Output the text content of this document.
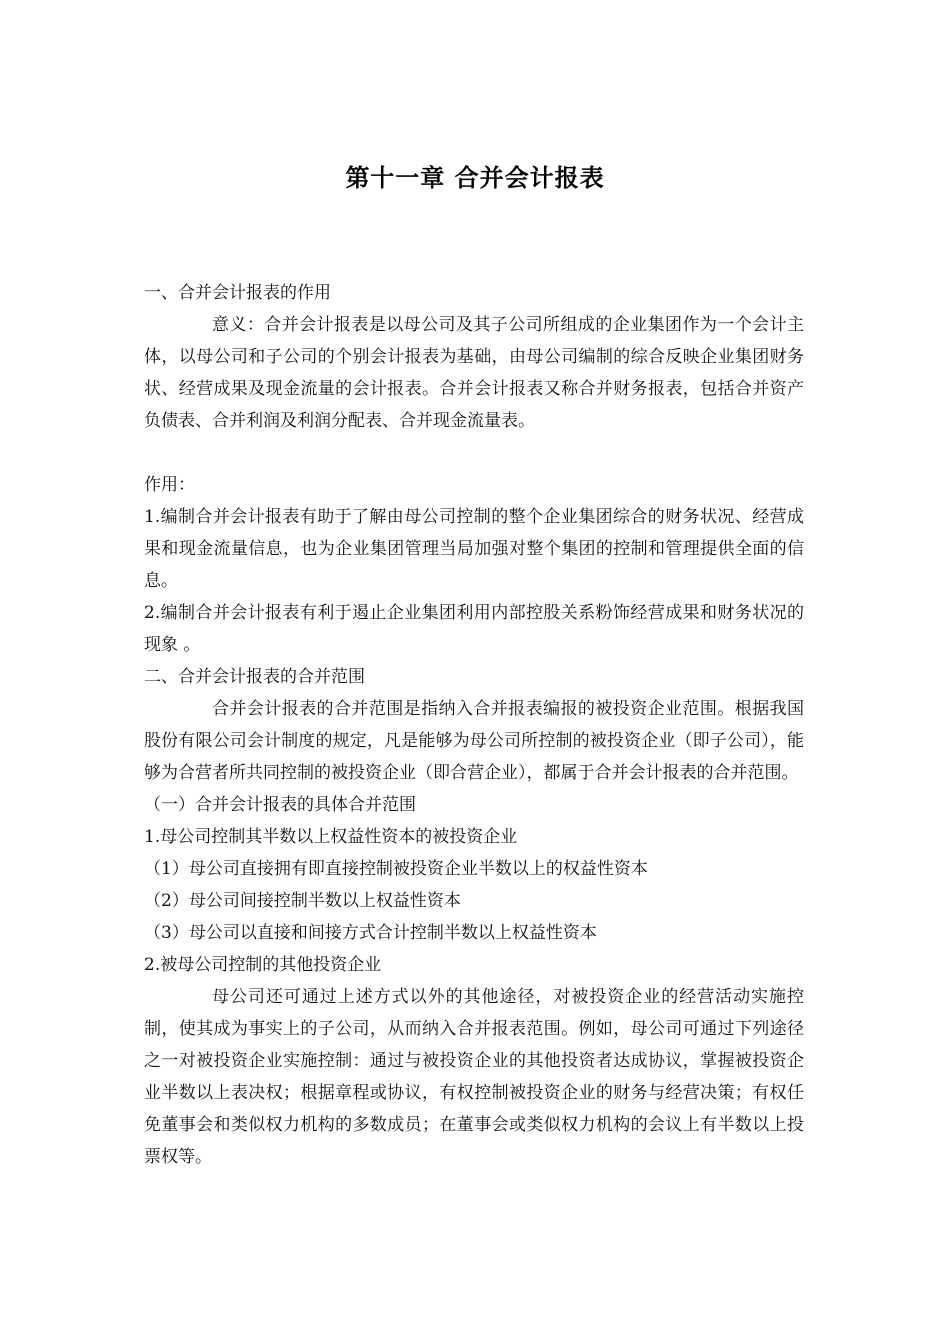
第十一章 合并会计报表

一、合并会计报表的作用

意义：合并会计报表是以母公司及其子公司所组成的企业集团作为一个会计主体，以母公司和子公司的个别会计报表为基础，由母公司编制的综合反映企业集团财务状、经营成果及现金流量的会计报表。合并会计报表又称合并财务报表，包括合并资产负债表、合并利润及利润分配表、合并现金流量表。

作用：

1.编制合并会计报表有助于了解由母公司控制的整个企业集团综合的财务状况、经营成果和现金流量信息，也为企业集团管理当局加强对整个集团的控制和管理提供全面的信息。

2.编制合并会计报表有利于遏止企业集团利用内部控股关系粉饰经营成果和财务状况的现象 。

二、合并会计报表的合并范围

合并会计报表的合并范围是指纳入合并报表编报的被投资企业范围。根据我国股份有限公司会计制度的规定，凡是能够为母公司所控制的被投资企业（即子公司），能够为合营者所共同控制的被投资企业（即合营企业），都属于合并会计报表的合并范围。

（一）合并会计报表的具体合并范围

1.母公司控制其半数以上权益性资本的被投资企业

（1）母公司直接拥有即直接控制被投资企业半数以上的权益性资本

（2）母公司间接控制半数以上权益性资本

（3）母公司以直接和间接方式合计控制半数以上权益性资本

2.被母公司控制的其他投资企业

母公司还可通过上述方式以外的其他途径，对被投资企业的经营活动实施控制，使其成为事实上的子公司，从而纳入合并报表范围。例如，母公司可通过下列途径之一对被投资企业实施控制：通过与被投资企业的其他投资者达成协议，掌握被投资企业半数以上表决权；根据章程或协议，有权控制被投资企业的财务与经营决策；有权任免董事会和类似权力机构的多数成员；在董事会或类似权力机构的会议上有半数以上投票权等。
